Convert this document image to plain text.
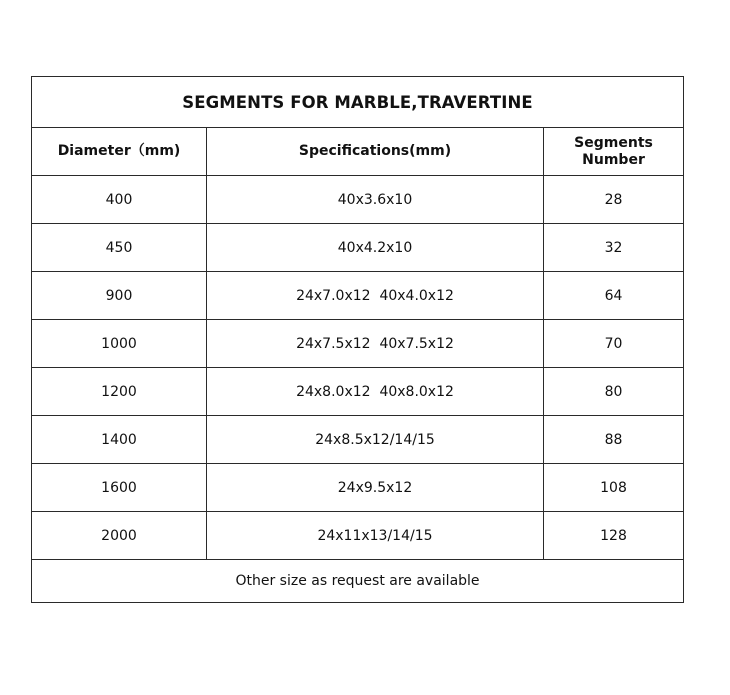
SEGMENTS FOR MARBLE,TRAVERTINE		
Diameter（mm)	Specifications(mm)	Segments Number
400	40x3.6x10	28
450	40x4.2x10	32
900	24x7.0x12  40x4.0x12	64
1000	24x7.5x12  40x7.5x12	70
1200	24x8.0x12  40x8.0x12	80
1400	24x8.5x12/14/15	88
1600	24x9.5x12	108
2000	24x11x13/14/15	128
Other size as request are available		
